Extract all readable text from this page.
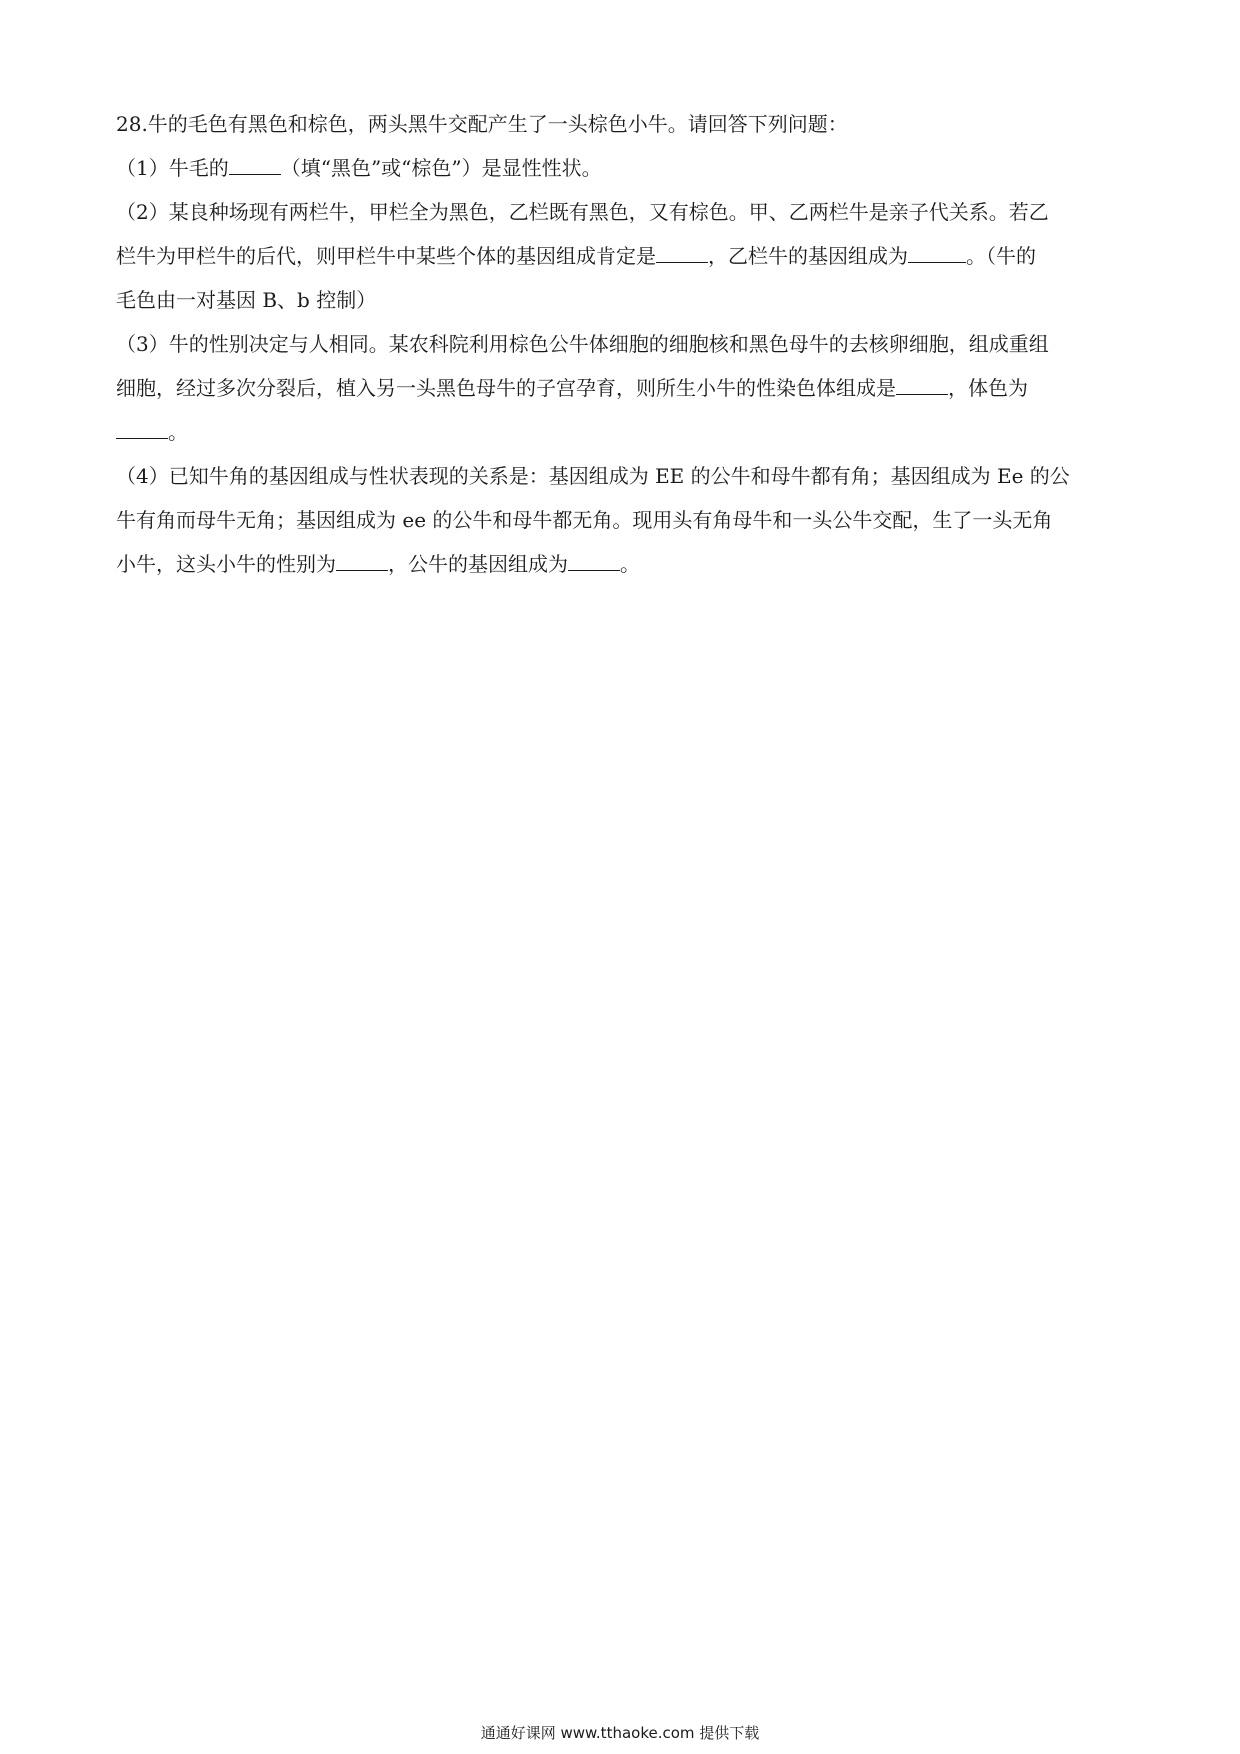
28.牛的毛色有黑色和棕色，两头黑牛交配产生了一头棕色小牛。请回答下列问题：
（1）牛毛的	（填“黑色”或“棕色”）是显性性状。
（2）某良种场现有两栏牛，甲栏全为黑色，乙栏既有黑色，又有棕色。甲、乙两栏牛是亲子代关系。若乙
栏牛为甲栏牛的后代，则甲栏牛中某些个体的基因组成肯定是	，乙栏牛的基因组成为	。（牛的
毛色由一对基因 B、b 控制）
（3）牛的性别决定与人相同。某农科院利用棕色公牛体细胞的细胞核和黑色母牛的去核卵细胞，组成重组
细胞，经过多次分裂后，植入另一头黑色母牛的子宫孕育，则所生小牛的性染色体组成是	，体色为
。
（4）已知牛角的基因组成与性状表现的关系是：基因组成为 EE 的公牛和母牛都有角；基因组成为 Ee 的公
牛有角而母牛无角；基因组成为 ee 的公牛和母牛都无角。现用头有角母牛和一头公牛交配，生了一头无角
小牛，这头小牛的性别为	，公牛的基因组成为	。
通通好课网 www.tthaoke.com 提供下载
